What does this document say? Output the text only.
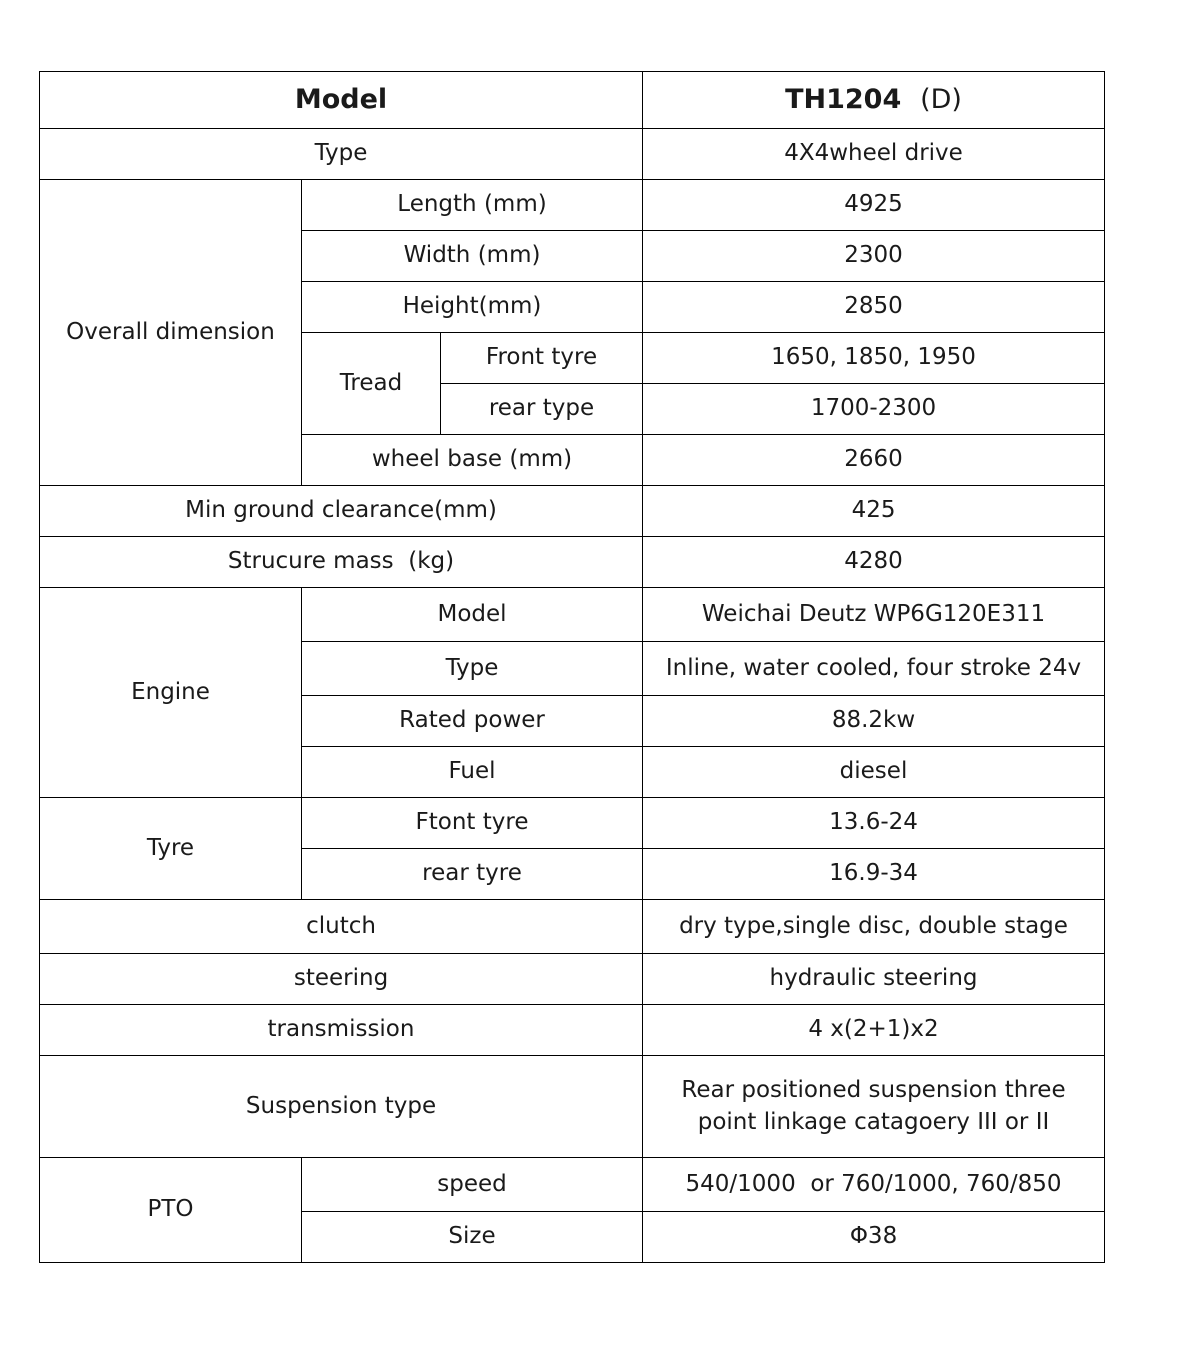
Model			TH1204 (D)
Type			4X4wheel drive
Overall dimension	Length (mm)		4925
	Width (mm)		2300
	Height(mm)		2850
	Tread	Front tyre	1650, 1850, 1950
		rear type	1700-2300
	wheel base (mm)		2660
Min ground clearance(mm)			425
Strucure mass  (kg)			4280
Engine	Model		Weichai Deutz WP6G120E311
	Type		Inline, water cooled, four stroke 24v
	Rated power		88.2kw
	Fuel		diesel
Tyre	Ftont tyre		13.6-24
	rear tyre		16.9-34
clutch			dry type,single disc, double stage
steering			hydraulic steering
transmission			4 x(2+1)x2
Suspension type			Rear positioned suspension three
point linkage catagoery III or II
PTO	speed		540/1000  or 760/1000, 760/850
	Size		Φ38
